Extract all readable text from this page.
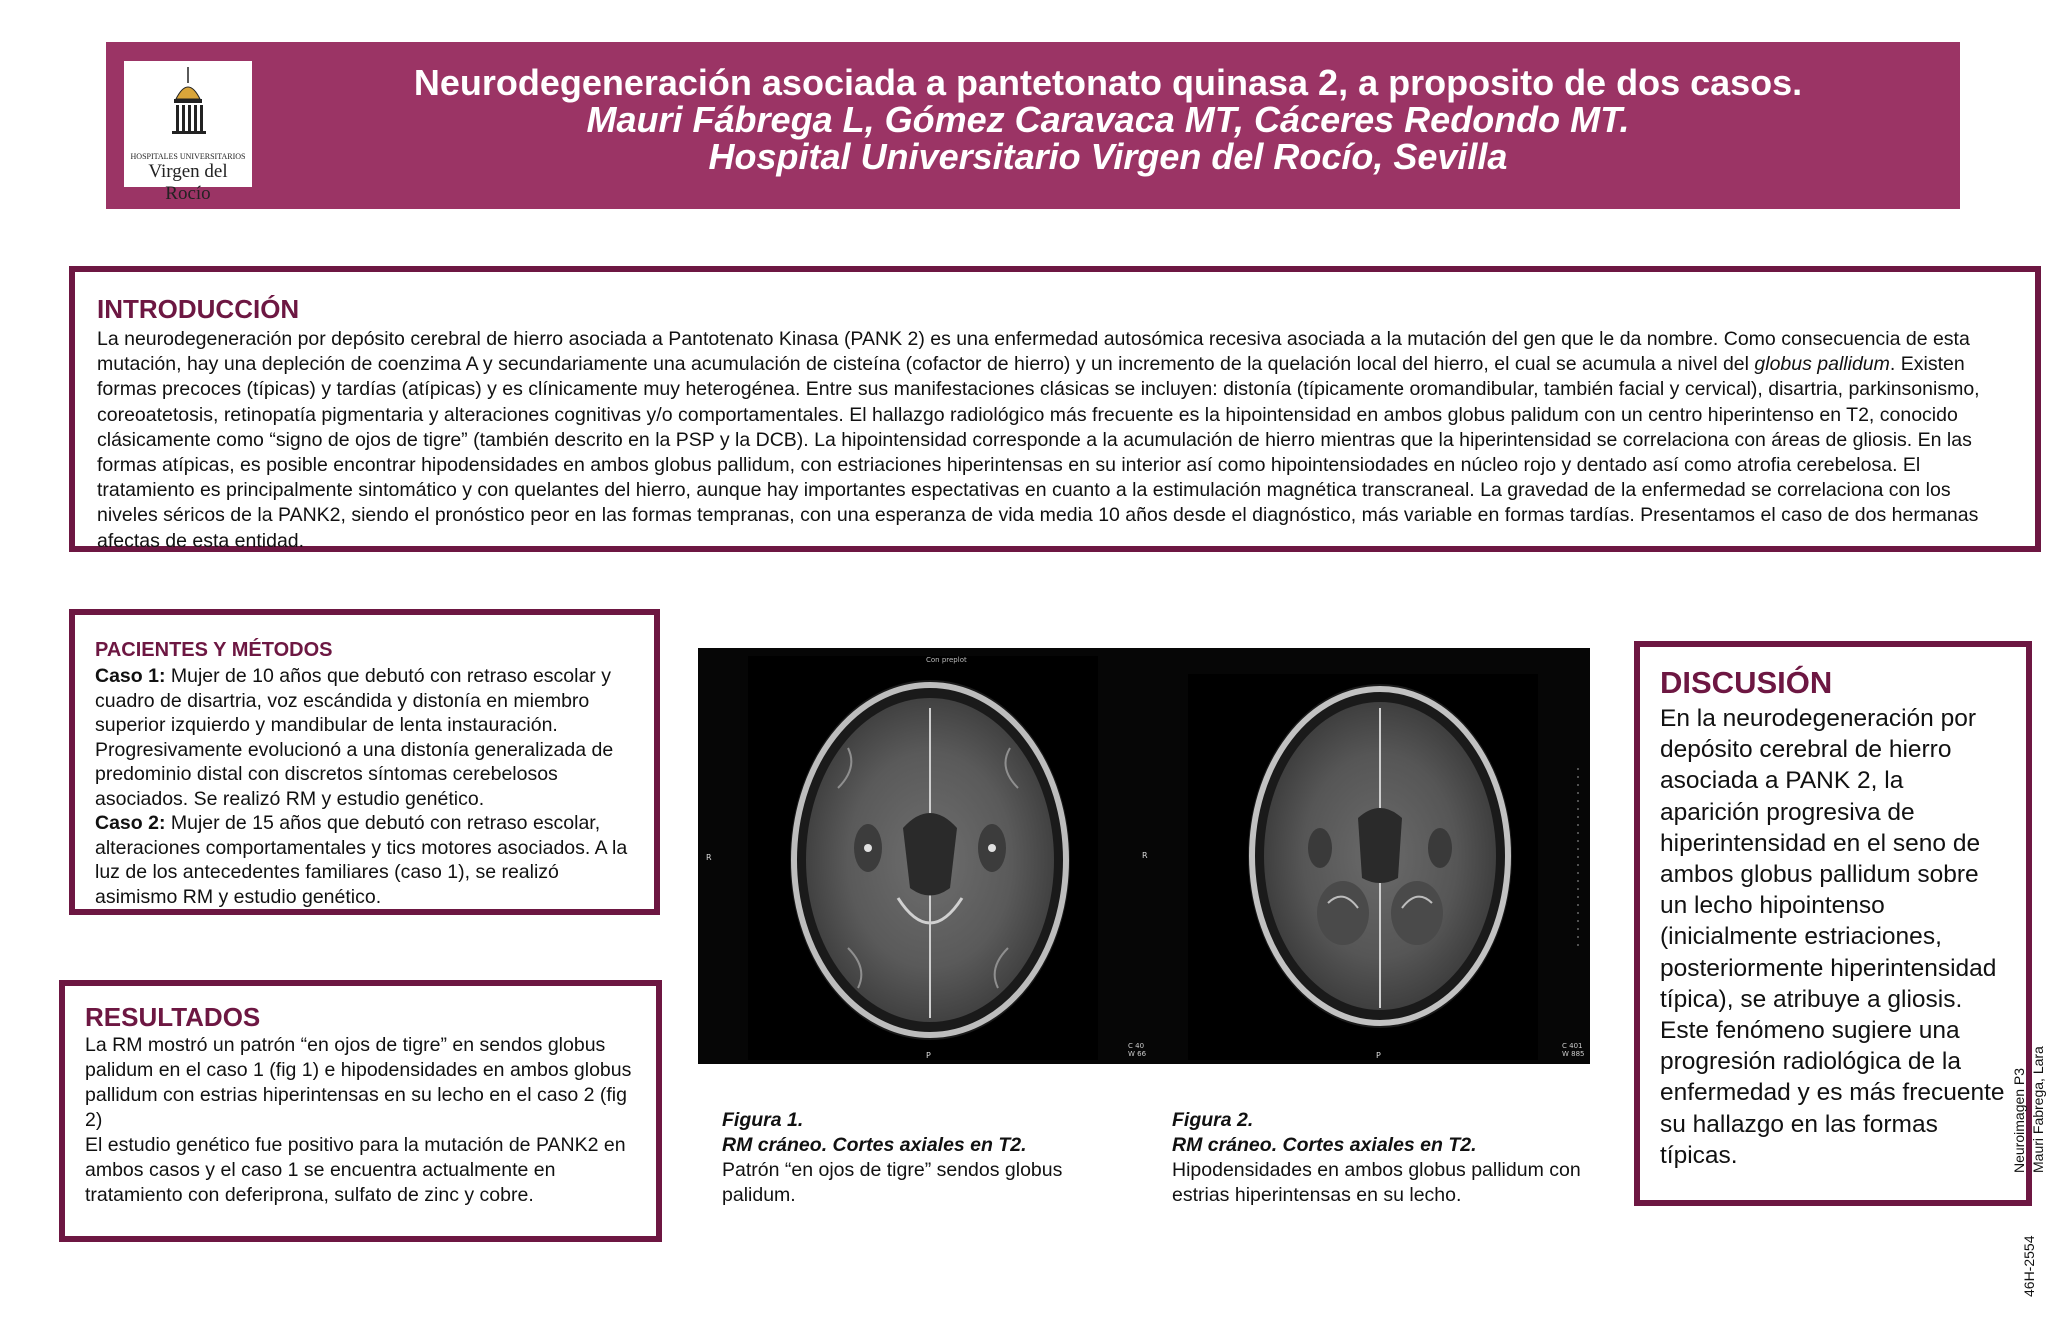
HOSPITALES UNIVERSITARIOS
Virgen del Rocío
Neurodegeneración asociada a pantetonato quinasa 2, a proposito de dos casos.
Mauri Fábrega L, Gómez Caravaca MT, Cáceres Redondo MT.
Hospital Universitario Virgen del Rocío, Sevilla
INTRODUCCIÓN
La neurodegeneración por depósito cerebral de hierro asociada a Pantotenato Kinasa (PANK 2) es una enfermedad autosómica recesiva asociada a la mutación del gen que le da nombre. Como consecuencia de esta mutación, hay una depleción de coenzima A y secundariamente una acumulación de cisteína (cofactor de hierro) y un incremento de la quelación local del hierro, el cual se acumula a nivel del globus pallidum. Existen formas precoces (típicas) y tardías (atípicas) y es clínicamente muy heterogénea. Entre sus manifestaciones clásicas se incluyen: distonía (típicamente oromandibular, también facial y cervical), disartria, parkinsonismo, coreoatetosis, retinopatía pigmentaria y alteraciones cognitivas y/o comportamentales. El hallazgo radiológico más frecuente es la hipointensidad en ambos globus palidum con un centro hiperintenso en T2, conocido clásicamente como “signo de ojos de tigre” (también descrito en la PSP y la DCB). La hipointensidad corresponde a la acumulación de hierro mientras que la hiperintensidad se correlaciona con áreas de gliosis. En las formas atípicas, es posible encontrar hipodensidades en ambos globus pallidum, con estriaciones hiperintensas en su interior así como hipointensiodades en núcleo rojo y dentado así como atrofia cerebelosa. El tratamiento es principalmente sintomático y con quelantes del hierro, aunque hay importantes espectativas en cuanto a la estimulación magnética transcraneal. La gravedad de la enfermedad se correlaciona con los niveles séricos de la PANK2, siendo el pronóstico peor en las formas tempranas, con una esperanza de vida media 10 años desde el diagnóstico, más variable en formas tardías. Presentamos el caso de dos hermanas afectas de esta entidad.
PACIENTES Y MÉTODOS
Caso 1: Mujer de 10 años que debutó con retraso escolar y cuadro de disartria, voz escándida y distonía en miembro superior izquierdo y mandibular de lenta instauración. Progresivamente evolucionó a una distonía generalizada de predominio distal con discretos síntomas cerebelosos asociados. Se realizó RM y estudio genético.
Caso 2: Mujer de 15 años que debutó con retraso escolar, alteraciones comportamentales y tics motores asociados. A la luz de los antecedentes familiares (caso 1), se realizó asimismo RM y estudio genético.
RESULTADOS
La RM mostró un patrón “en ojos de tigre” en sendos globus palidum en el caso 1 (fig 1) e hipodensidades en ambos globus pallidum con estrias hiperintensas en su lecho en el caso 2 (fig 2)
El estudio genético fue positivo para la mutación de PANK2 en ambos casos y el caso 1 se encuentra actualmente en tratamiento con deferiprona, sulfato de zinc y cobre.
Con preplot
R
P
C 40
W 66
R
P
C 401
W 885
Figura 1.
RM cráneo. Cortes axiales en T2.
Patrón “en ojos de tigre” sendos globus palidum.
Figura 2.
RM cráneo. Cortes axiales en T2.
Hipodensidades en ambos globus pallidum con estrias hiperintensas en su lecho.
DISCUSIÓN
En la neurodegeneración por depósito cerebral de hierro asociada a PANK 2, la aparición progresiva de hiperintensidad en el seno de ambos globus pallidum sobre un lecho hipointenso (inicialmente estriaciones, posteriormente hiperintensidad típica), se atribuye a gliosis. Este fenómeno sugiere una progresión radiológica de la enfermedad y es más frecuente su hallazgo en las formas típicas.	Neuroimagen P3 Mauri Fabrega, Lara
46H-2554
